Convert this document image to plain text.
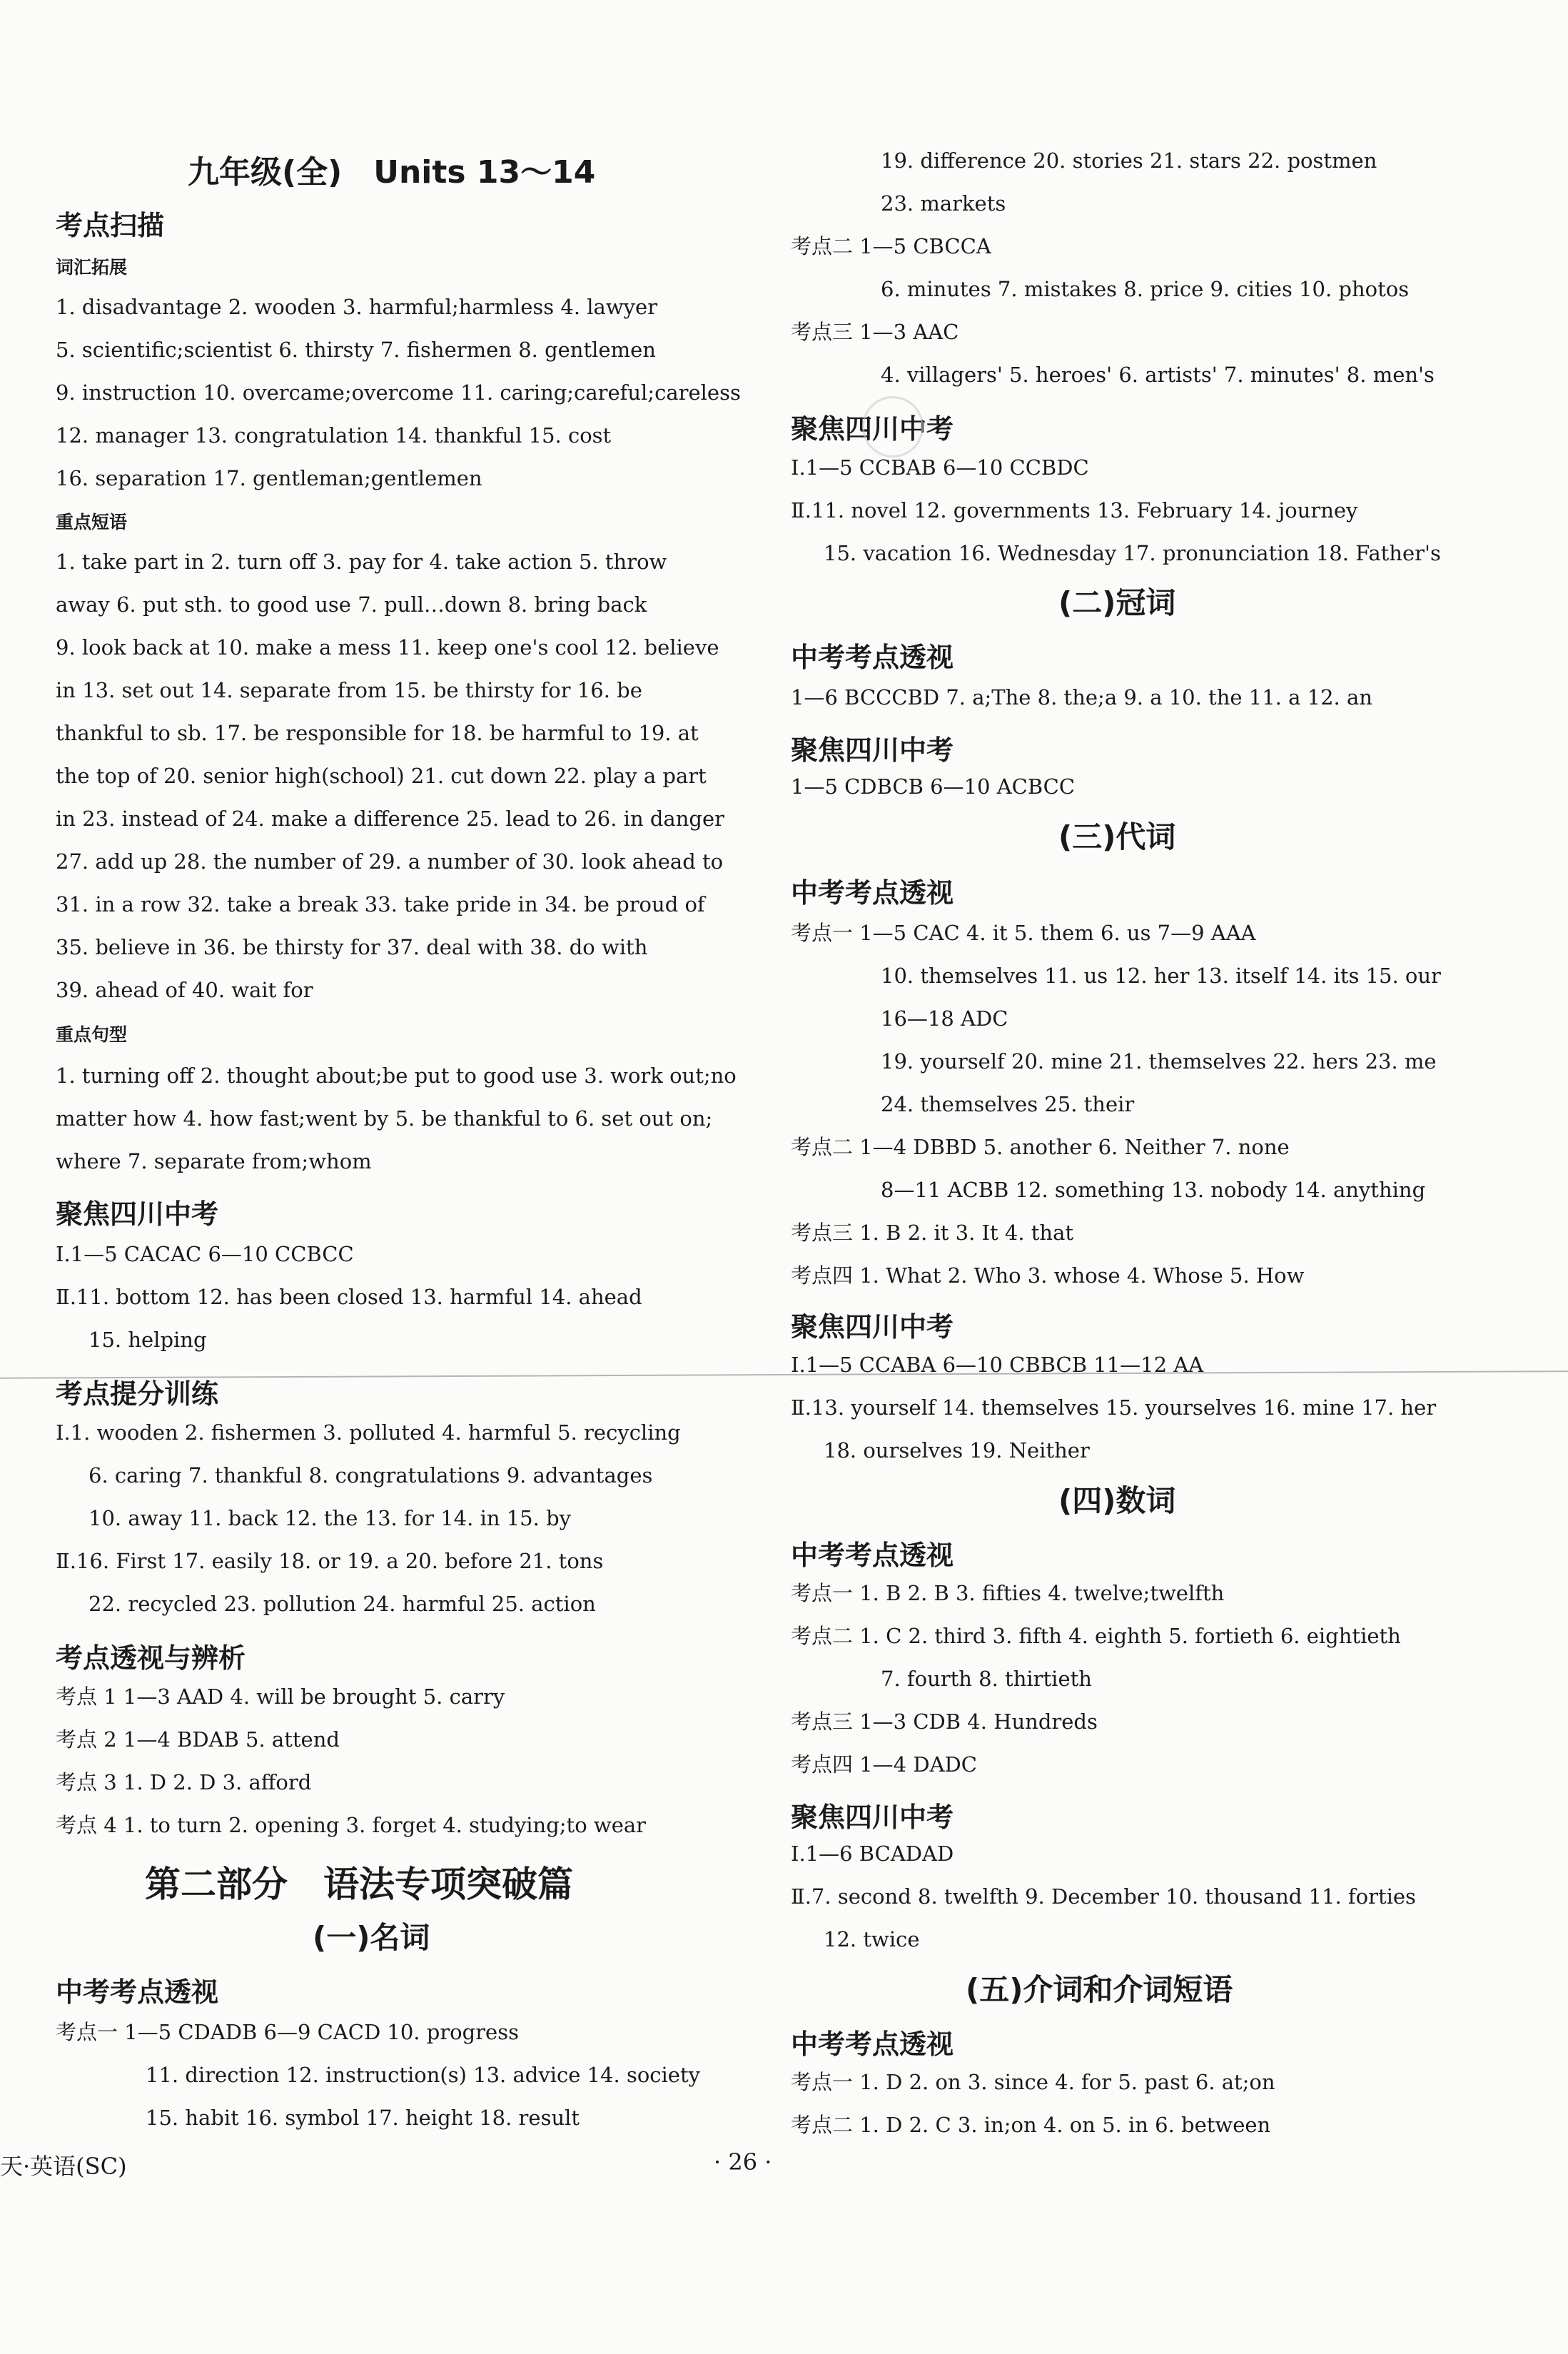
九年级(全)　Units 13～14
考点扫描
词汇拓展
1. disadvantage 2. wooden 3. harmful;harmless 4. lawyer
5. scientific;scientist 6. thirsty 7. fishermen 8. gentlemen
9. instruction 10. overcame;overcome 11. caring;careful;careless
12. manager 13. congratulation 14. thankful 15. cost
16. separation 17. gentleman;gentlemen
重点短语
1. take part in 2. turn off 3. pay for 4. take action 5. throw
away 6. put sth. to good use 7. pull…down 8. bring back
9. look back at 10. make a mess 11. keep one's cool 12. believe
in 13. set out 14. separate from 15. be thirsty for 16. be
thankful to sb. 17. be responsible for 18. be harmful to 19. at
the top of 20. senior high(school) 21. cut down 22. play a part
in 23. instead of 24. make a difference 25. lead to 26. in danger
27. add up 28. the number of 29. a number of 30. look ahead to
31. in a row 32. take a break 33. take pride in 34. be proud of
35. believe in 36. be thirsty for 37. deal with 38. do with
39. ahead of 40. wait for
重点句型
1. turning off 2. thought about;be put to good use 3. work out;no
matter how 4. how fast;went by 5. be thankful to 6. set out on;
where 7. separate from;whom
聚焦四川中考
Ⅰ.1—5 CACAC 6—10 CCBCC
Ⅱ.11. bottom 12. has been closed 13. harmful 14. ahead
15. helping
考点提分训练
Ⅰ.1. wooden 2. fishermen 3. polluted 4. harmful 5. recycling
6. caring 7. thankful 8. congratulations 9. advantages
10. away 11. back 12. the 13. for 14. in 15. by
Ⅱ.16. First 17. easily 18. or 19. a 20. before 21. tons
22. recycled 23. pollution 24. harmful 25. action
考点透视与辨析
考点 1 1—3 AAD 4. will be brought 5. carry
考点 2 1—4 BDAB 5. attend
考点 3 1. D 2. D 3. afford
考点 4 1. to turn 2. opening 3. forget 4. studying;to wear
第二部分　语法专项突破篇
(一)名词
中考考点透视
考点一 1—5 CDADB 6—9 CACD 10. progress
11. direction 12. instruction(s) 13. advice 14. society
15. habit 16. symbol 17. height 18. result
天·英语(SC)
19. difference 20. stories 21. stars 22. postmen
23. markets
考点二 1—5 CBCCA
6. minutes 7. mistakes 8. price 9. cities 10. photos
考点三 1—3 AAC
4. villagers' 5. heroes' 6. artists' 7. minutes' 8. men's
聚焦四川中考
Ⅰ.1—5 CCBAB 6—10 CCBDC
Ⅱ.11. novel 12. governments 13. February 14. journey
15. vacation 16. Wednesday 17. pronunciation 18. Father's
(二)冠词
中考考点透视
1—6 BCCCBD 7. a;The 8. the;a 9. a 10. the 11. a 12. an
聚焦四川中考
1—5 CDBCB 6—10 ACBCC
(三)代词
中考考点透视
考点一 1—5 CAC 4. it 5. them 6. us 7—9 AAA
10. themselves 11. us 12. her 13. itself 14. its 15. our
16—18 ADC
19. yourself 20. mine 21. themselves 22. hers 23. me
24. themselves 25. their
考点二 1—4 DBBD 5. another 6. Neither 7. none
8—11 ACBB 12. something 13. nobody 14. anything
考点三 1. B 2. it 3. It 4. that
考点四 1. What 2. Who 3. whose 4. Whose 5. How
聚焦四川中考
Ⅰ.1—5 CCABA 6—10 CBBCB 11—12 AA
Ⅱ.13. yourself 14. themselves 15. yourselves 16. mine 17. her
18. ourselves 19. Neither
(四)数词
中考考点透视
考点一 1. B 2. B 3. fifties 4. twelve;twelfth
考点二 1. C 2. third 3. fifth 4. eighth 5. fortieth 6. eightieth
7. fourth 8. thirtieth
考点三 1—3 CDB 4. Hundreds
考点四 1—4 DADC
聚焦四川中考
Ⅰ.1—6 BCADAD
Ⅱ.7. second 8. twelfth 9. December 10. thousand 11. forties
12. twice
(五)介词和介词短语
中考考点透视
考点一 1. D 2. on 3. since 4. for 5. past 6. at;on
考点二 1. D 2. C 3. in;on 4. on 5. in 6. between
· 26 ·
